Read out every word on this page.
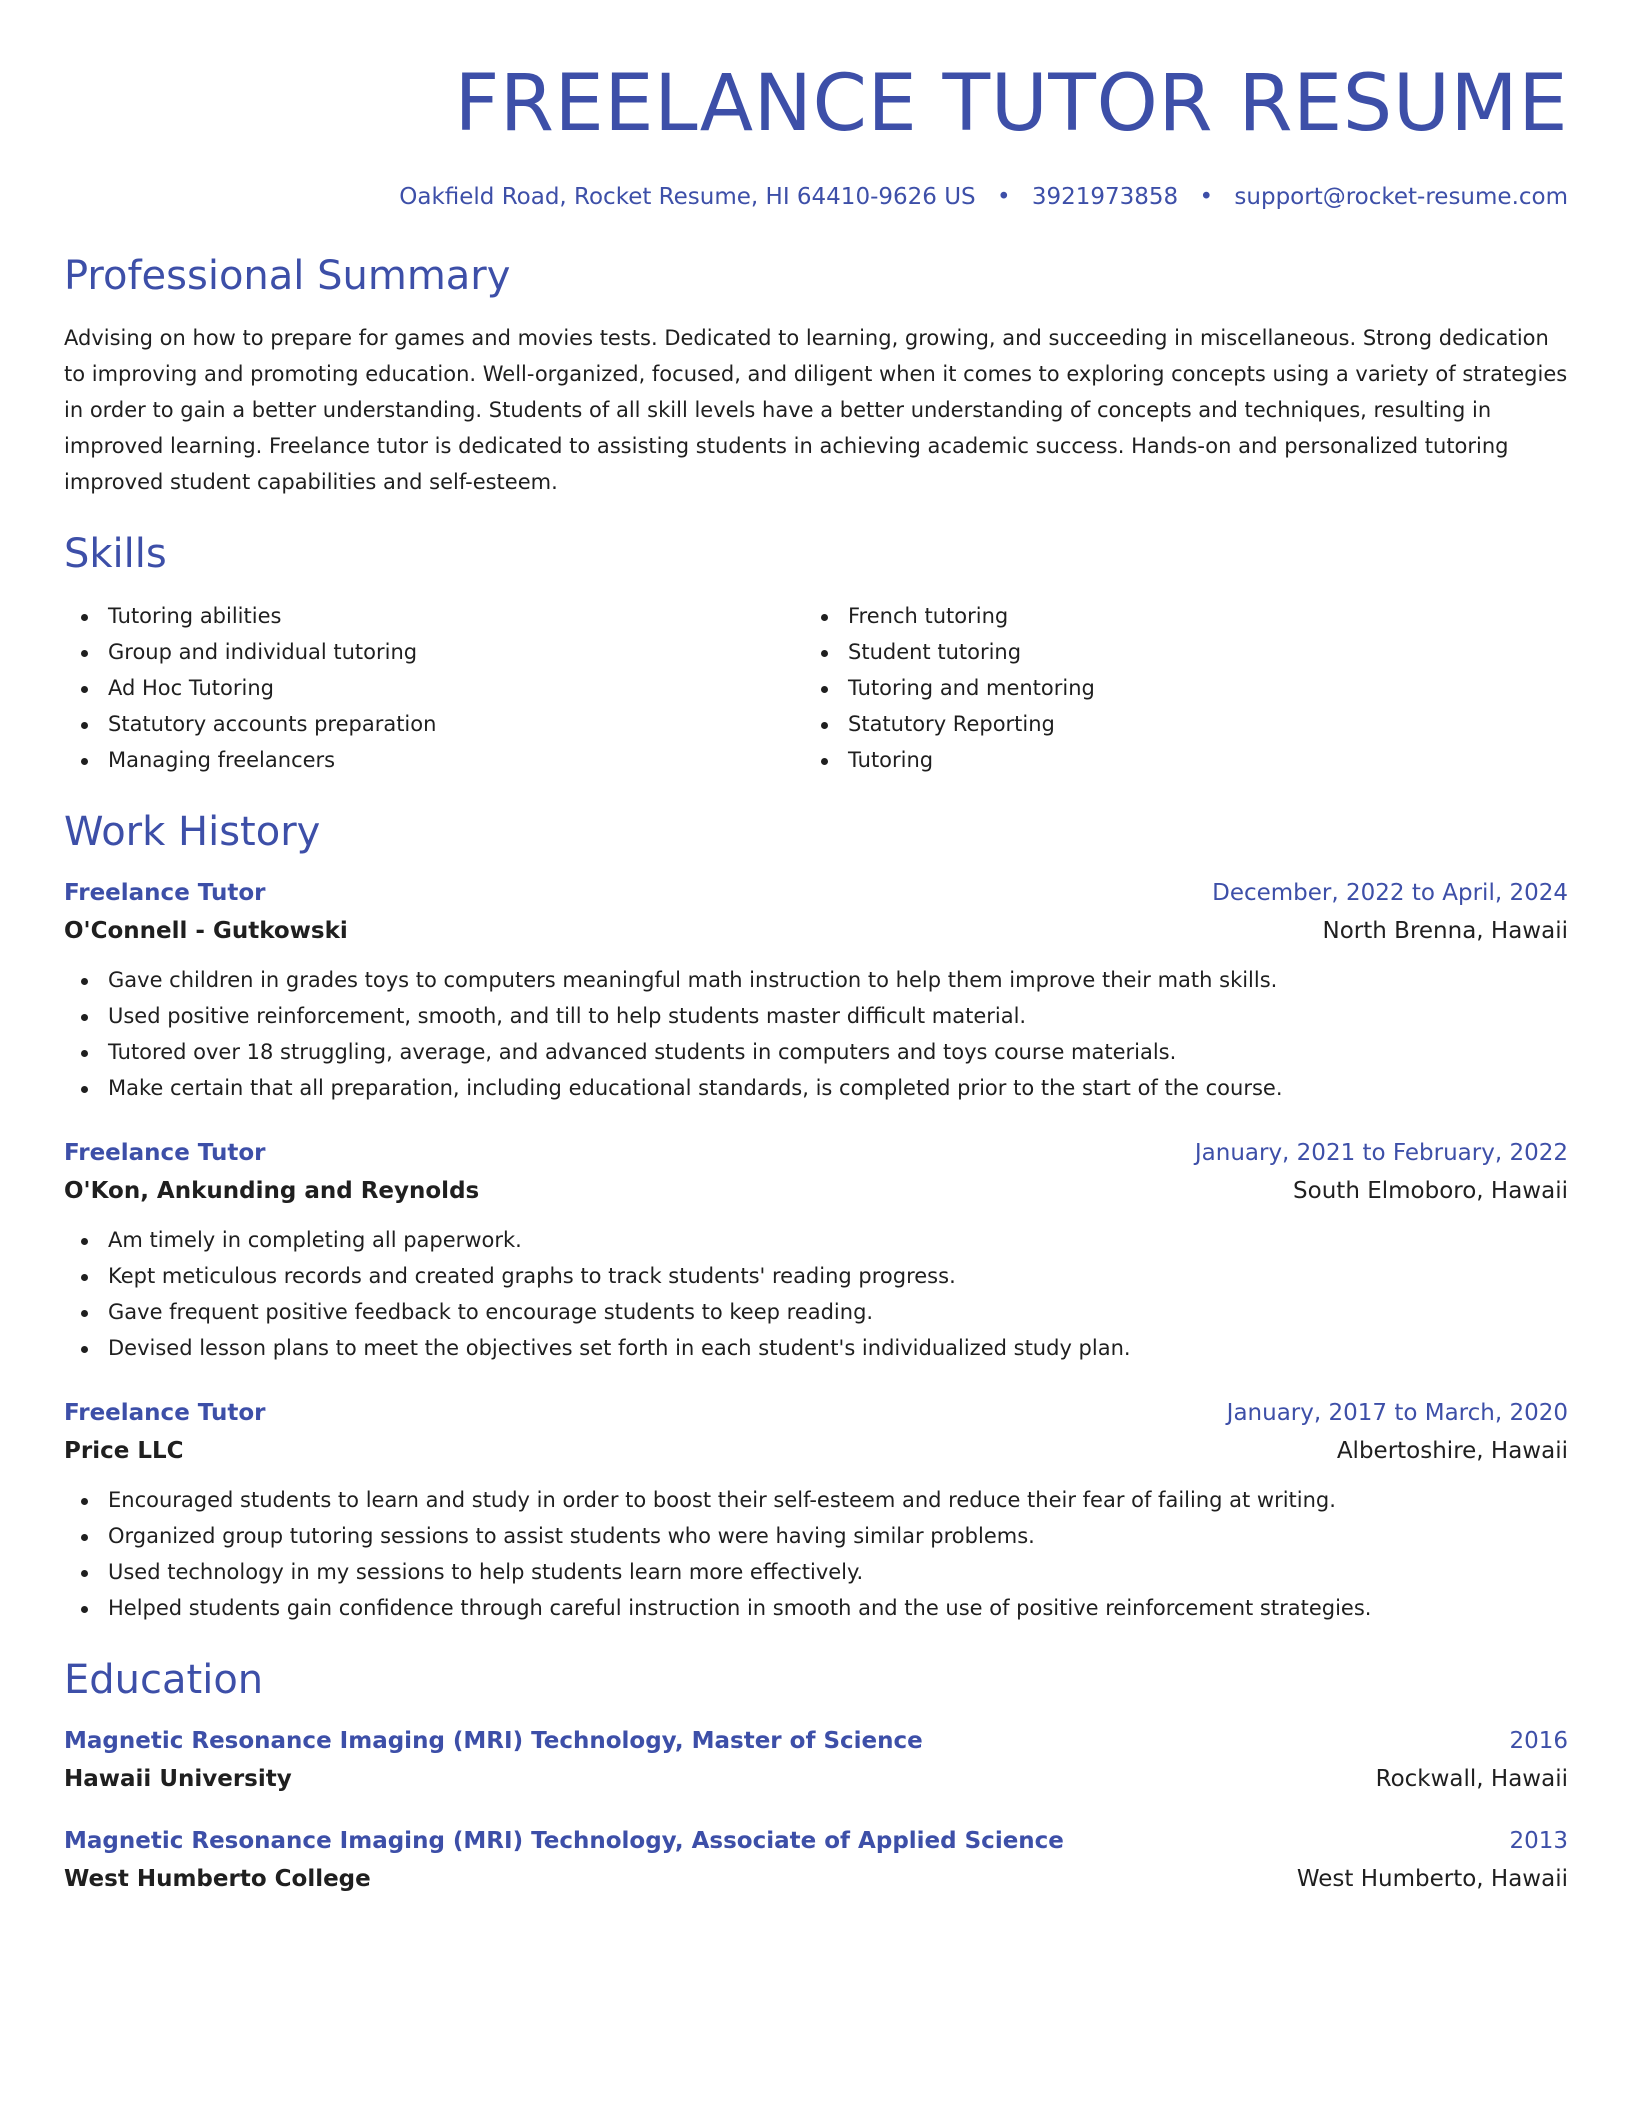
FREELANCE TUTOR RESUME
Oakfield Road, Rocket Resume, HI 64410-9626 US • 3921973858 • support@rocket-resume.com
Professional Summary
Advising on how to prepare for games and movies tests. Dedicated to learning, growing, and succeeding in miscellaneous. Strong dedication to improving and promoting education. Well-organized, focused, and diligent when it comes to exploring concepts using a variety of strategies in order to gain a better understanding. Students of all skill levels have a better understanding of concepts and techniques, resulting in improved learning. Freelance tutor is dedicated to assisting students in achieving academic success. Hands-on and personalized tutoring improved student capabilities and self-esteem.
Skills
Tutoring abilities
Group and individual tutoring
Ad Hoc Tutoring
Statutory accounts preparation
Managing freelancers
French tutoring
Student tutoring
Tutoring and mentoring
Statutory Reporting
Tutoring
Work History
Freelance Tutor	December, 2022 to April, 2024
O'Connell - Gutkowski	North Brenna, Hawaii
Gave children in grades toys to computers meaningful math instruction to help them improve their math skills.
Used positive reinforcement, smooth, and till to help students master difficult material.
Tutored over 18 struggling, average, and advanced students in computers and toys course materials.
Make certain that all preparation, including educational standards, is completed prior to the start of the course.
Freelance Tutor	January, 2021 to February, 2022
O'Kon, Ankunding and Reynolds	South Elmoboro, Hawaii
Am timely in completing all paperwork.
Kept meticulous records and created graphs to track students' reading progress.
Gave frequent positive feedback to encourage students to keep reading.
Devised lesson plans to meet the objectives set forth in each student's individualized study plan.
Freelance Tutor	January, 2017 to March, 2020
Price LLC	Albertoshire, Hawaii
Encouraged students to learn and study in order to boost their self-esteem and reduce their fear of failing at writing.
Organized group tutoring sessions to assist students who were having similar problems.
Used technology in my sessions to help students learn more effectively.
Helped students gain confidence through careful instruction in smooth and the use of positive reinforcement strategies.
Education
Magnetic Resonance Imaging (MRI) Technology, Master of Science	2016
Hawaii University	Rockwall, Hawaii
Magnetic Resonance Imaging (MRI) Technology, Associate of Applied Science	2013
West Humberto College	West Humberto, Hawaii
